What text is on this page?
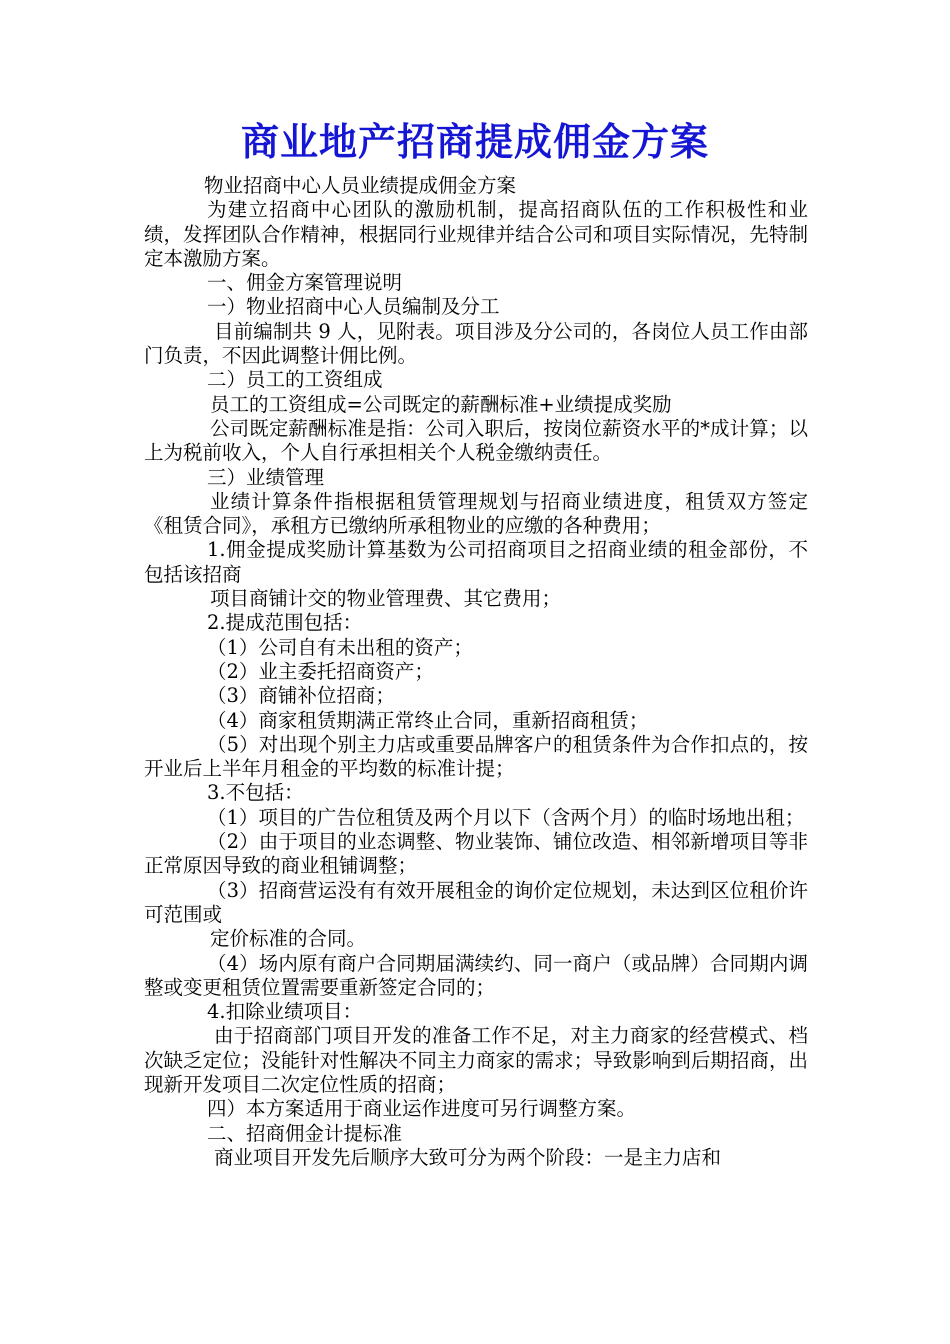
商业地产招商提成佣金方案

物业招商中心人员业绩提成佣金方案

为建立招商中心团队的激励机制，提高招商队伍的工作积极性和业绩，发挥团队合作精神，根据同行业规律并结合公司和项目实际情况，先特制定本激励方案。

一、佣金方案管理说明

一）物业招商中心人员编制及分工

目前编制共 9 人，见附表。项目涉及分公司的，各岗位人员工作由部门负责，不因此调整计佣比例。

二）员工的工资组成

员工的工资组成=公司既定的薪酬标准+业绩提成奖励

公司既定薪酬标准是指：公司入职后，按岗位薪资水平的*成计算；以上为税前收入，个人自行承担相关个人税金缴纳责任。

三）业绩管理

业绩计算条件指根据租赁管理规划与招商业绩进度，租赁双方签定《租赁合同》，承租方已缴纳所承租物业的应缴的各种费用；

1.佣金提成奖励计算基数为公司招商项目之招商业绩的租金部份，不包括该招商

项目商铺计交的物业管理费、其它费用；

2.提成范围包括：

（1）公司自有未出租的资产；

（2）业主委托招商资产；

（3）商铺补位招商；

（4）商家租赁期满正常终止合同，重新招商租赁；

（5）对出现个别主力店或重要品牌客户的租赁条件为合作扣点的，按开业后上半年月租金的平均数的标准计提；

3.不包括：

（1）项目的广告位租赁及两个月以下（含两个月）的临时场地出租；

（2）由于项目的业态调整、物业装饰、铺位改造、相邻新增项目等非正常原因导致的商业租铺调整；

（3）招商营运没有有效开展租金的询价定位规划，未达到区位租价许可范围或

定价标准的合同。

（4）场内原有商户合同期届满续约、同一商户（或品牌）合同期内调整或变更租赁位置需要重新签定合同的；

4.扣除业绩项目：

由于招商部门项目开发的准备工作不足，对主力商家的经营模式、档次缺乏定位；没能针对性解决不同主力商家的需求；导致影响到后期招商，出现新开发项目二次定位性质的招商；

四）本方案适用于商业运作进度可另行调整方案。

二、招商佣金计提标准

商业项目开发先后顺序大致可分为两个阶段：一是主力店和
